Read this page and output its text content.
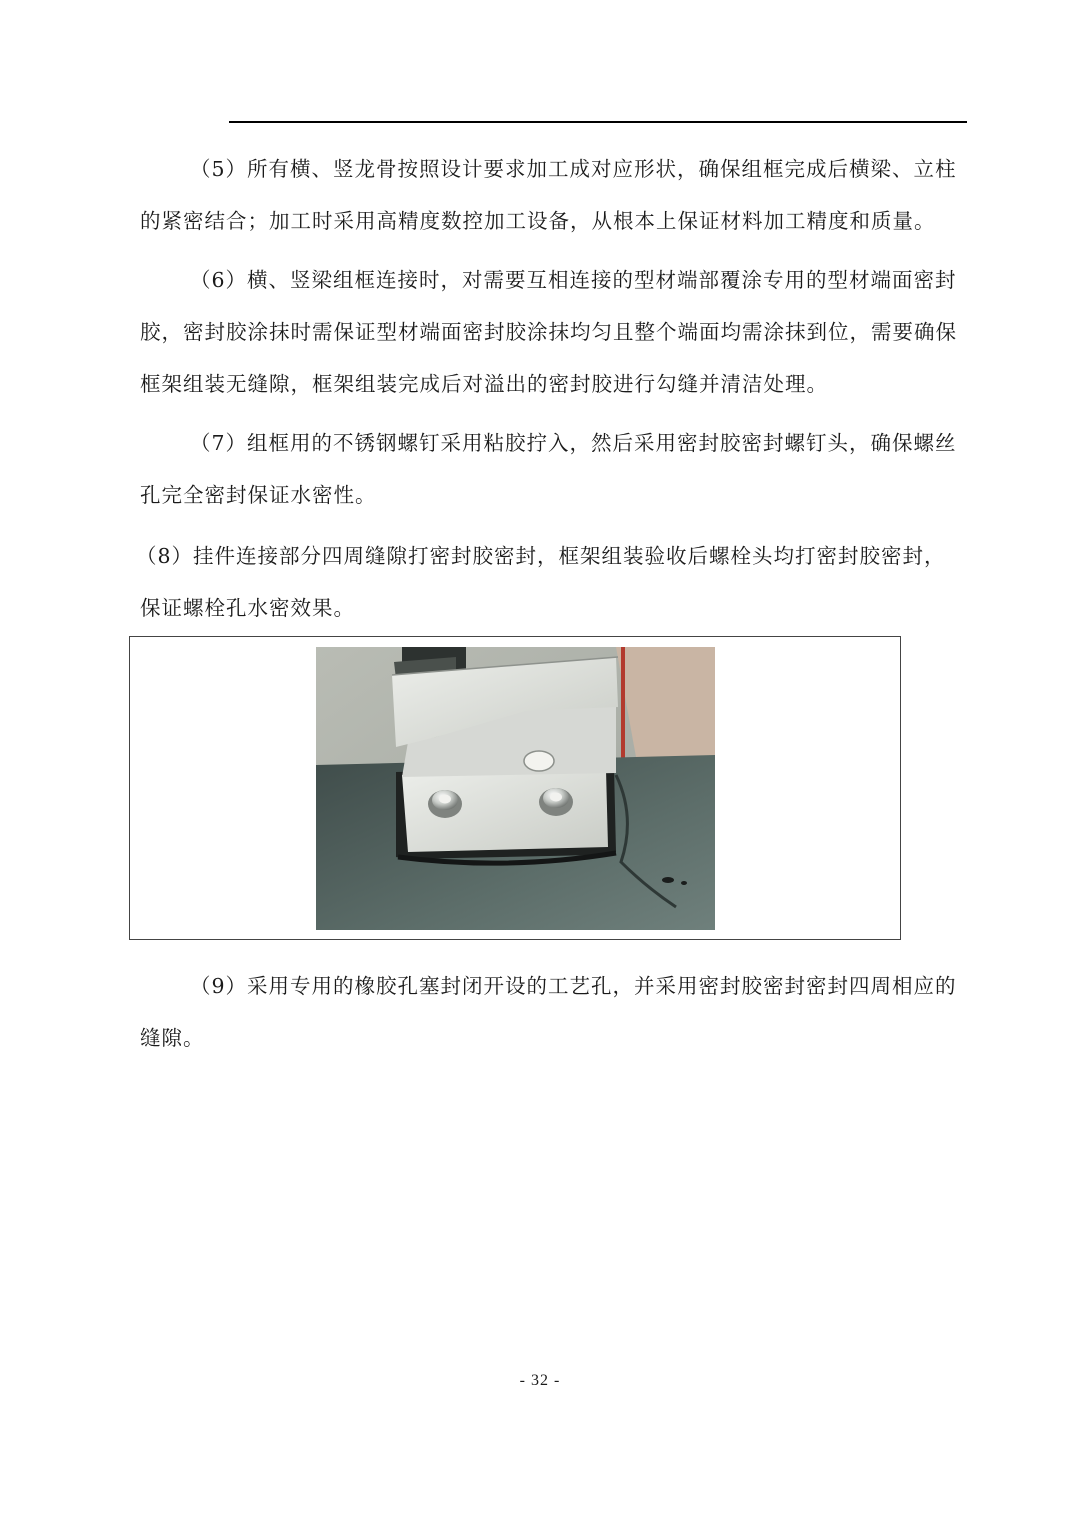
（5）所有横、竖龙骨按照设计要求加工成对应形状，确保组框完成后横梁、立柱
的紧密结合；加工时采用高精度数控加工设备，从根本上保证材料加工精度和质量。
（6）横、竖梁组框连接时，对需要互相连接的型材端部覆涂专用的型材端面密封
胶，密封胶涂抹时需保证型材端面密封胶涂抹均匀且整个端面均需涂抹到位，需要确保
框架组装无缝隙，框架组装完成后对溢出的密封胶进行勾缝并清洁处理。
（7）组框用的不锈钢螺钉采用粘胶拧入，然后采用密封胶密封螺钉头，确保螺丝
孔完全密封保证水密性。
（8）挂件连接部分四周缝隙打密封胶密封，框架组装验收后螺栓头均打密封胶密封，
保证螺栓孔水密效果。
（9）采用专用的橡胶孔塞封闭开设的工艺孔，并采用密封胶密封密封四周相应的
缝隙。
- 32 -
